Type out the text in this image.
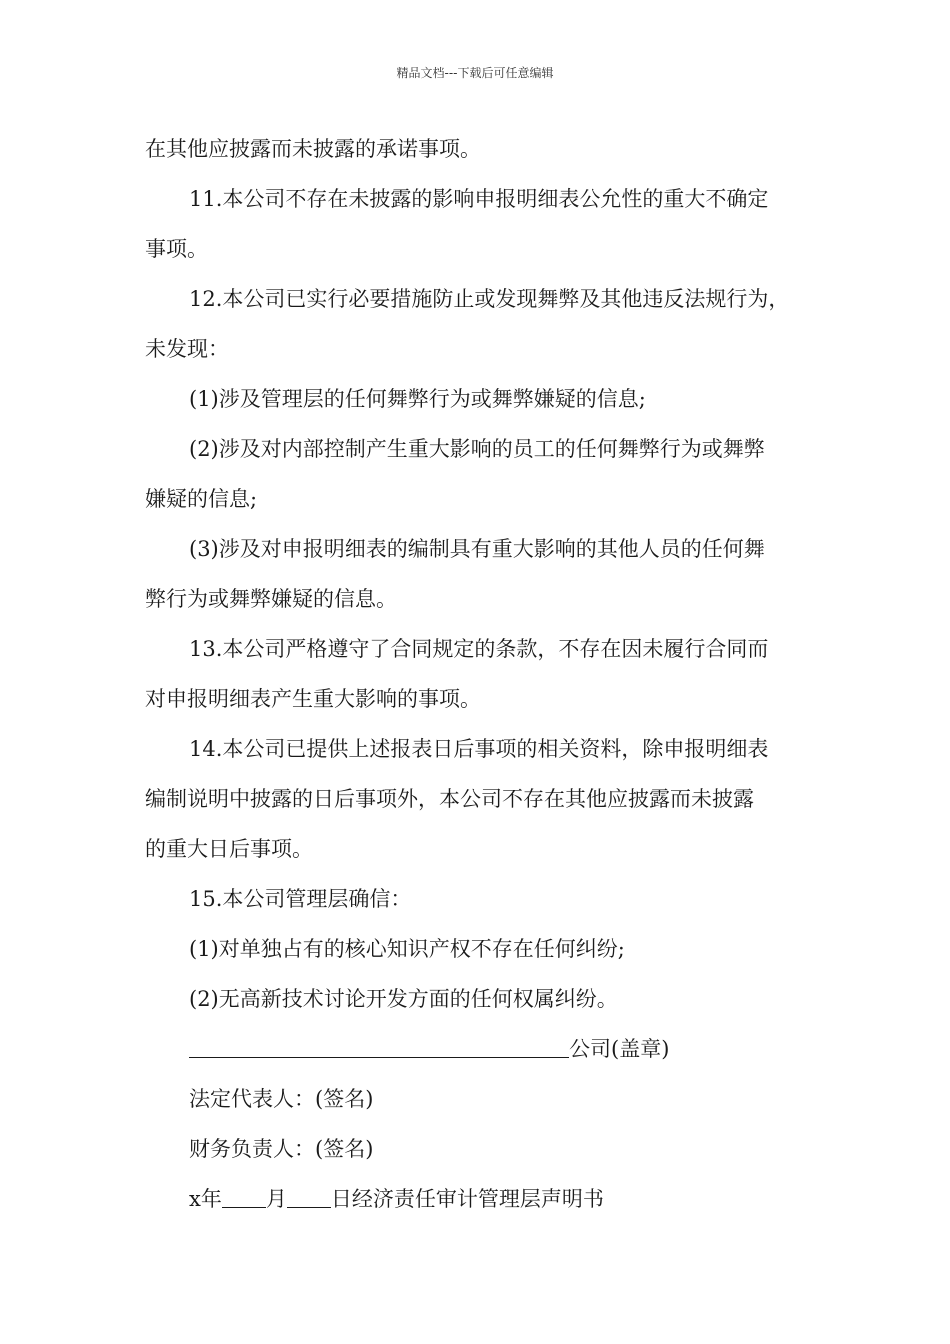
精品文档---下载后可任意编辑

在其他应披露而未披露的承诺事项。

11.本公司不存在未披露的影响申报明细表公允性的重大不确定

事项。

12.本公司已实行必要措施防止或发现舞弊及其他违反法规行为，

未发现：

(1)涉及管理层的任何舞弊行为或舞弊嫌疑的信息;

(2)涉及对内部控制产生重大影响的员工的任何舞弊行为或舞弊

嫌疑的信息;

(3)涉及对申报明细表的编制具有重大影响的其他人员的任何舞

弊行为或舞弊嫌疑的信息。

13.本公司严格遵守了合同规定的条款，不存在因未履行合同而

对申报明细表产生重大影响的事项。

14.本公司已提供上述报表日后事项的相关资料，除申报明细表

编制说明中披露的日后事项外，本公司不存在其他应披露而未披露

的重大日后事项。

15.本公司管理层确信：

(1)对单独占有的核心知识产权不存在任何纠纷;

(2)无高新技术讨论开发方面的任何权属纠纷。

公司(盖章)

法定代表人：(签名)

财务负责人：(签名)

x年 月 日经济责任审计管理层声明书
